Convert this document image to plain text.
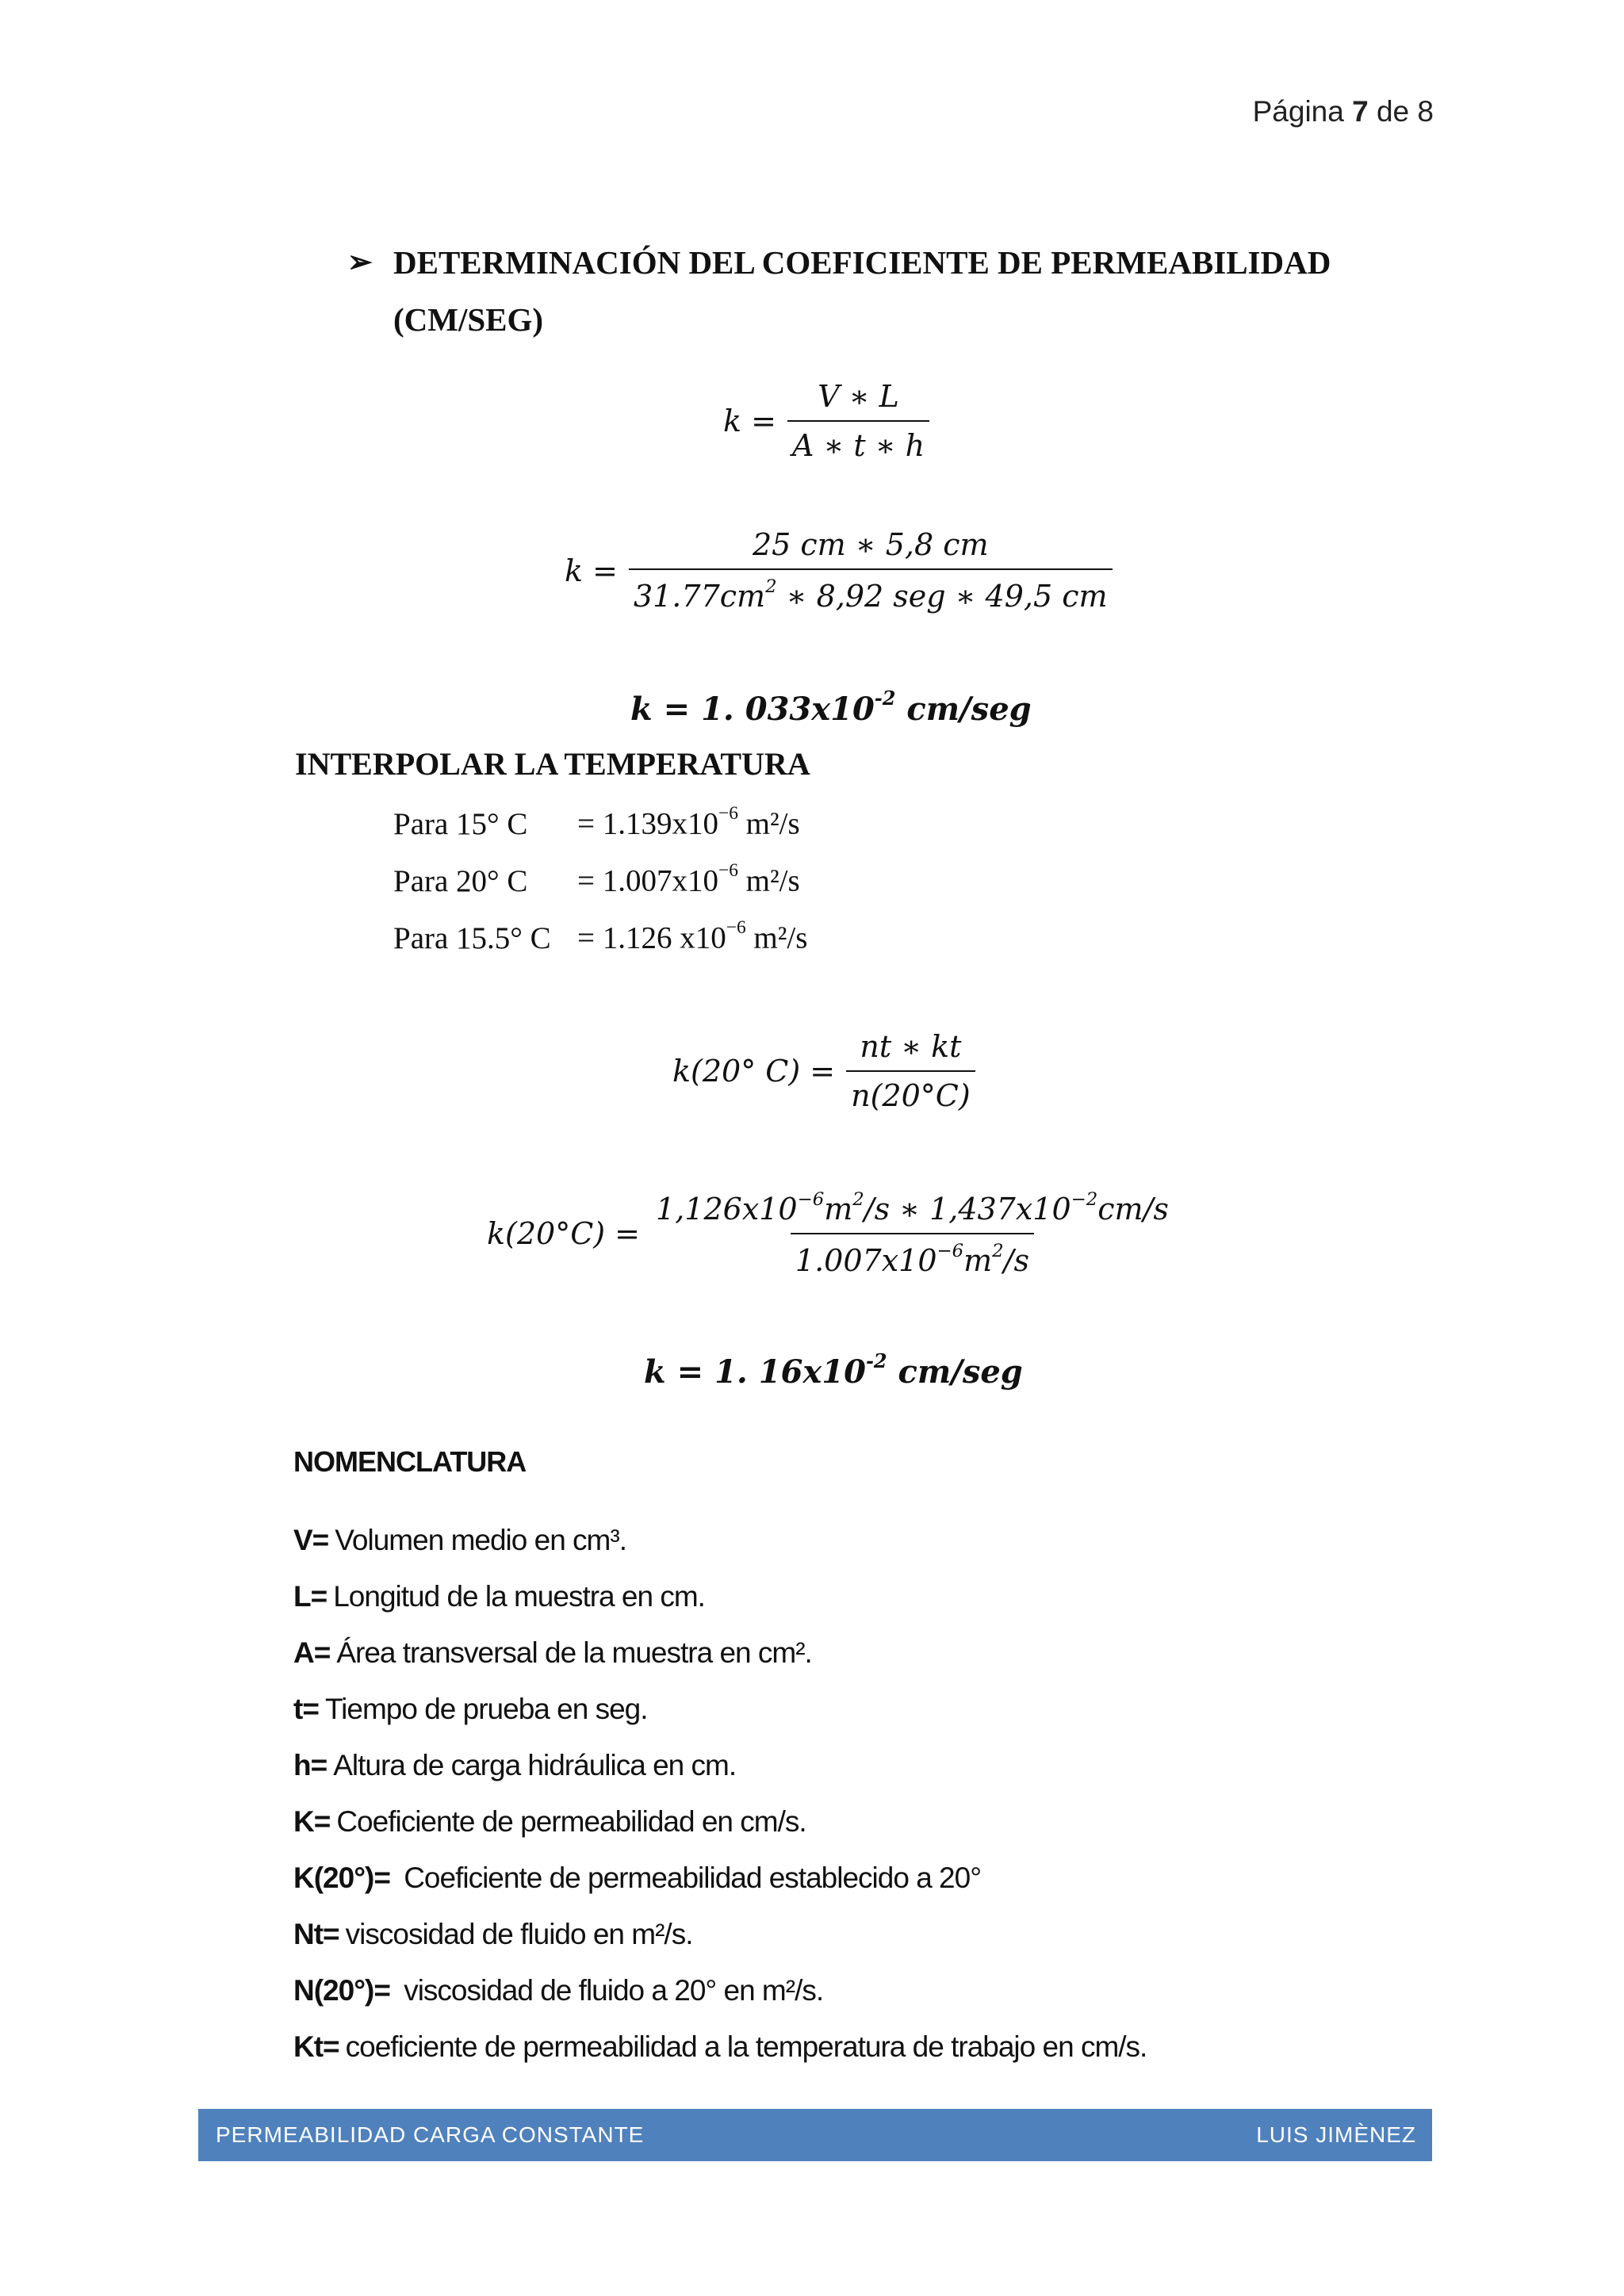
Página 7 de 8
➢ DETERMINACIÓN DEL COEFICIENTE DE PERMEABILIDAD
(CM/SEG)
$k = \frac{V ∗ L}{A ∗ t ∗ h}$
$k = \frac{25 cm ∗ 5,8 cm}{31.77cm^2 ∗ 8,92 seg ∗ 49,5 cm}$
k = 1. $033x10^{-2}$ cm/seg
INTERPOLAR LA TEMPERATURA
Para 15° $C = 1.139x10^{-6}$ m²/s
Para 20° $C = 1.007x10^{-6}$ m²/s
Para 15.5° C = 1.126 $x10^{-6}$ m²/s
k(20° $C) = \frac{nt ∗ kt}{n(20^\circ C)}$
$k(20^\circ C) = \frac{1,126x10^{-6}m^2/s ∗ 1,437x10^{-2}cm/s}{1.007x10^{-6}m^2/s}$
k = 1. $16x10^{-2}$ cm/seg
NOMENCLATURA
V= Volumen medio en cm³.
L= Longitud de la muestra en cm.
A= Área transversal de la muestra en cm².
t= Tiempo de prueba en seg.
h= Altura de carga hidráulica en cm.
K= Coeficiente de permeabilidad en cm/s.
K(20°)= Coeficiente de permeabilidad establecido a 20°
Nt= viscosidad de fluido en m²/s.
N(20°)= viscosidad de fluido a 20° en m²/s.
Kt= coeficiente de permeabilidad a la temperatura de trabajo en cm/s.
PERMEABILIDAD CARGA CONSTANTE	LUIS JIMÈNEZ
